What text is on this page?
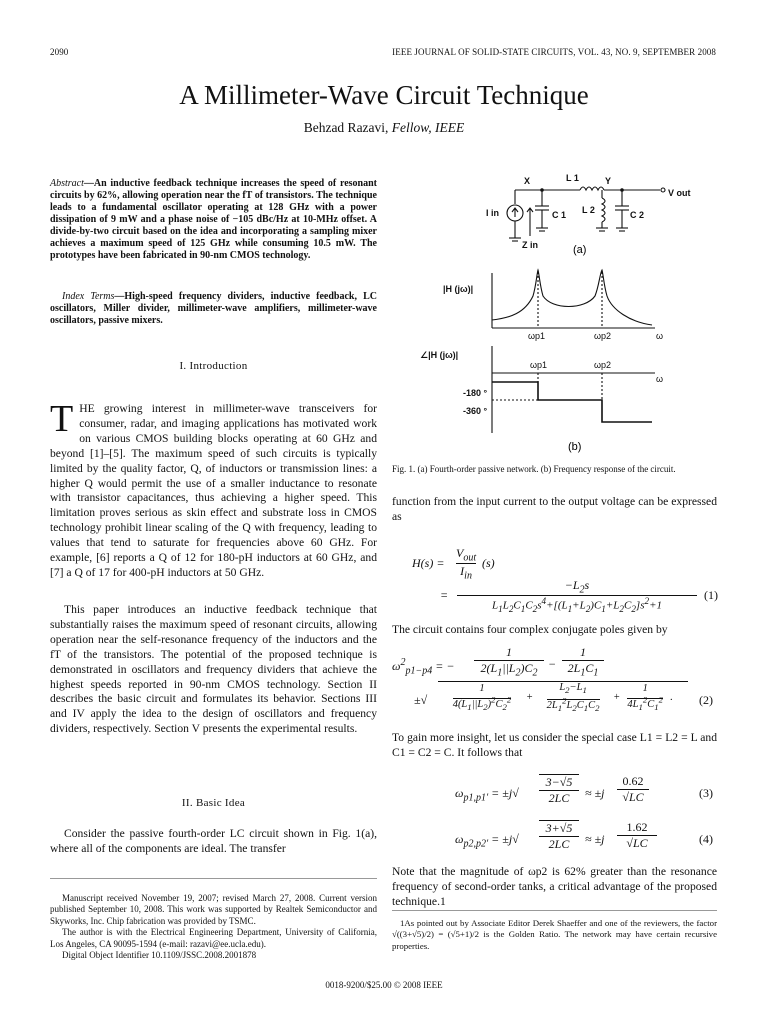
2090	IEEE JOURNAL OF SOLID-STATE CIRCUITS, VOL. 43, NO. 9, SEPTEMBER 2008
A Millimeter-Wave Circuit Technique
Behzad Razavi, Fellow, IEEE
Abstract—An inductive feedback technique increases the speed of resonant circuits by 62%, allowing operation near the fT of transistors. The technique leads to a fundamental oscillator operating at 128 GHz with a power dissipation of 9 mW and a phase noise of −105 dBc/Hz at 10-MHz offset. A divide-by-two circuit based on the idea and incorporating a sampling mixer achieves a maximum speed of 125 GHz while consuming 10.5 mW. The prototypes have been fabricated in 90-nm CMOS technology.
Index Terms—High-speed frequency dividers, inductive feedback, LC oscillators, Miller divider, millimeter-wave amplifiers, millimeter-wave oscillators, passive mixers.
I. Introduction
THE growing interest in millimeter-wave transceivers for consumer, radar, and imaging applications has motivated work on various CMOS building blocks operating at 60 GHz and beyond [1]–[5]. The maximum speed of such circuits is typically limited by the quality factor, Q, of inductors or transmission lines: a higher Q would permit the use of a smaller inductance to resonate with transistor capacitances, thus achieving a higher speed. This limitation proves serious as skin effect and substrate loss in CMOS technology prohibit linear scaling of the Q with frequency, leading to values that tend to saturate for frequencies above 60 GHz. For example, [6] reports a Q of 12 for 180-pH inductors at 60 GHz, and [7] a Q of 17 for 400-pH inductors at 50 GHz.
This paper introduces an inductive feedback technique that substantially raises the maximum speed of resonant circuits, allowing operation near the self-resonance frequency of the inductors and the fT of the transistors. The potential of the proposed technique is demonstrated in oscillators and frequency dividers that achieve the highest speeds reported in 90-nm CMOS technology. Section II describes the basic circuit and formulates its behavior. Sections III and IV apply the idea to the design of oscillators and frequency dividers, respectively. Section V presents the experimental results.
II. Basic Idea
Consider the passive fourth-order LC circuit shown in Fig. 1(a), where all of the components are ideal. The transfer
Manuscript received November 19, 2007; revised March 27, 2008. Current version published September 10, 2008. This work was supported by Realtek Semiconductor and Skyworks, Inc. Chip fabrication was provided by TSMC.
The author is with the Electrical Engineering Department, University of California, Los Angeles, CA 90095-1594 (e-mail: razavi@ee.ucla.edu).
Digital Object Identifier 10.1109/JSSC.2008.2001878
X	Y
L 1
L 2
C 1	C 2
V out
I in
Z in	(a)
|H (jω)|
ωp1	ωp2	ω
∠|H (jω)|
ωp1	ωp2
ω
-180 °
-360 °
(b)
Fig. 1. (a) Fourth-order passive network. (b) Frequency response of the circuit.
function from the input current to the output voltage can be expressed as
H(s) =
$V_{out}$
$I_{in}$
(s)
=
$-L_2s$
$L_1L_2C_1C_2s^4+[(L_1+L_2)C_1+L_2C_2]s^2+1$
(1)
The circuit contains four complex conjugate poles given by
$\omega^2_{p1-p4}$ = −
1
$2(L_1||L_2)C_2$
−
1
$2L_1C_1$
±√ $\frac{1}{4(L_1||L_2)^2C_2^2}+\frac{L_2-L_1}{2L_1^2L_2C_1C_2}+\frac{1}{4L_1^2C_1^2}$.	(2)
To gain more insight, let us consider the special case L1 = L2 = L and C1 = C2 = C. It follows that
$\omega_{p1,p1'} = \pm j√$
3−√5
2LC	≈ ±j
0.62
√LC	(3)
$\omega_{p2,p2'} = \pm j√$
3+√5
2LC	≈ ±j
1.62
√LC	(4)
Note that the magnitude of ωp2 is 62% greater than the resonance frequency of second-order tanks, a critical advantage of the proposed technique.1
1As pointed out by Associate Editor Derek Shaeffer and one of the reviewers, the factor √((3+√5)/2) = (√5+1)/2 is the Golden Ratio. The network may have certain recursive properties.
0018-9200/$25.00 © 2008 IEEE
